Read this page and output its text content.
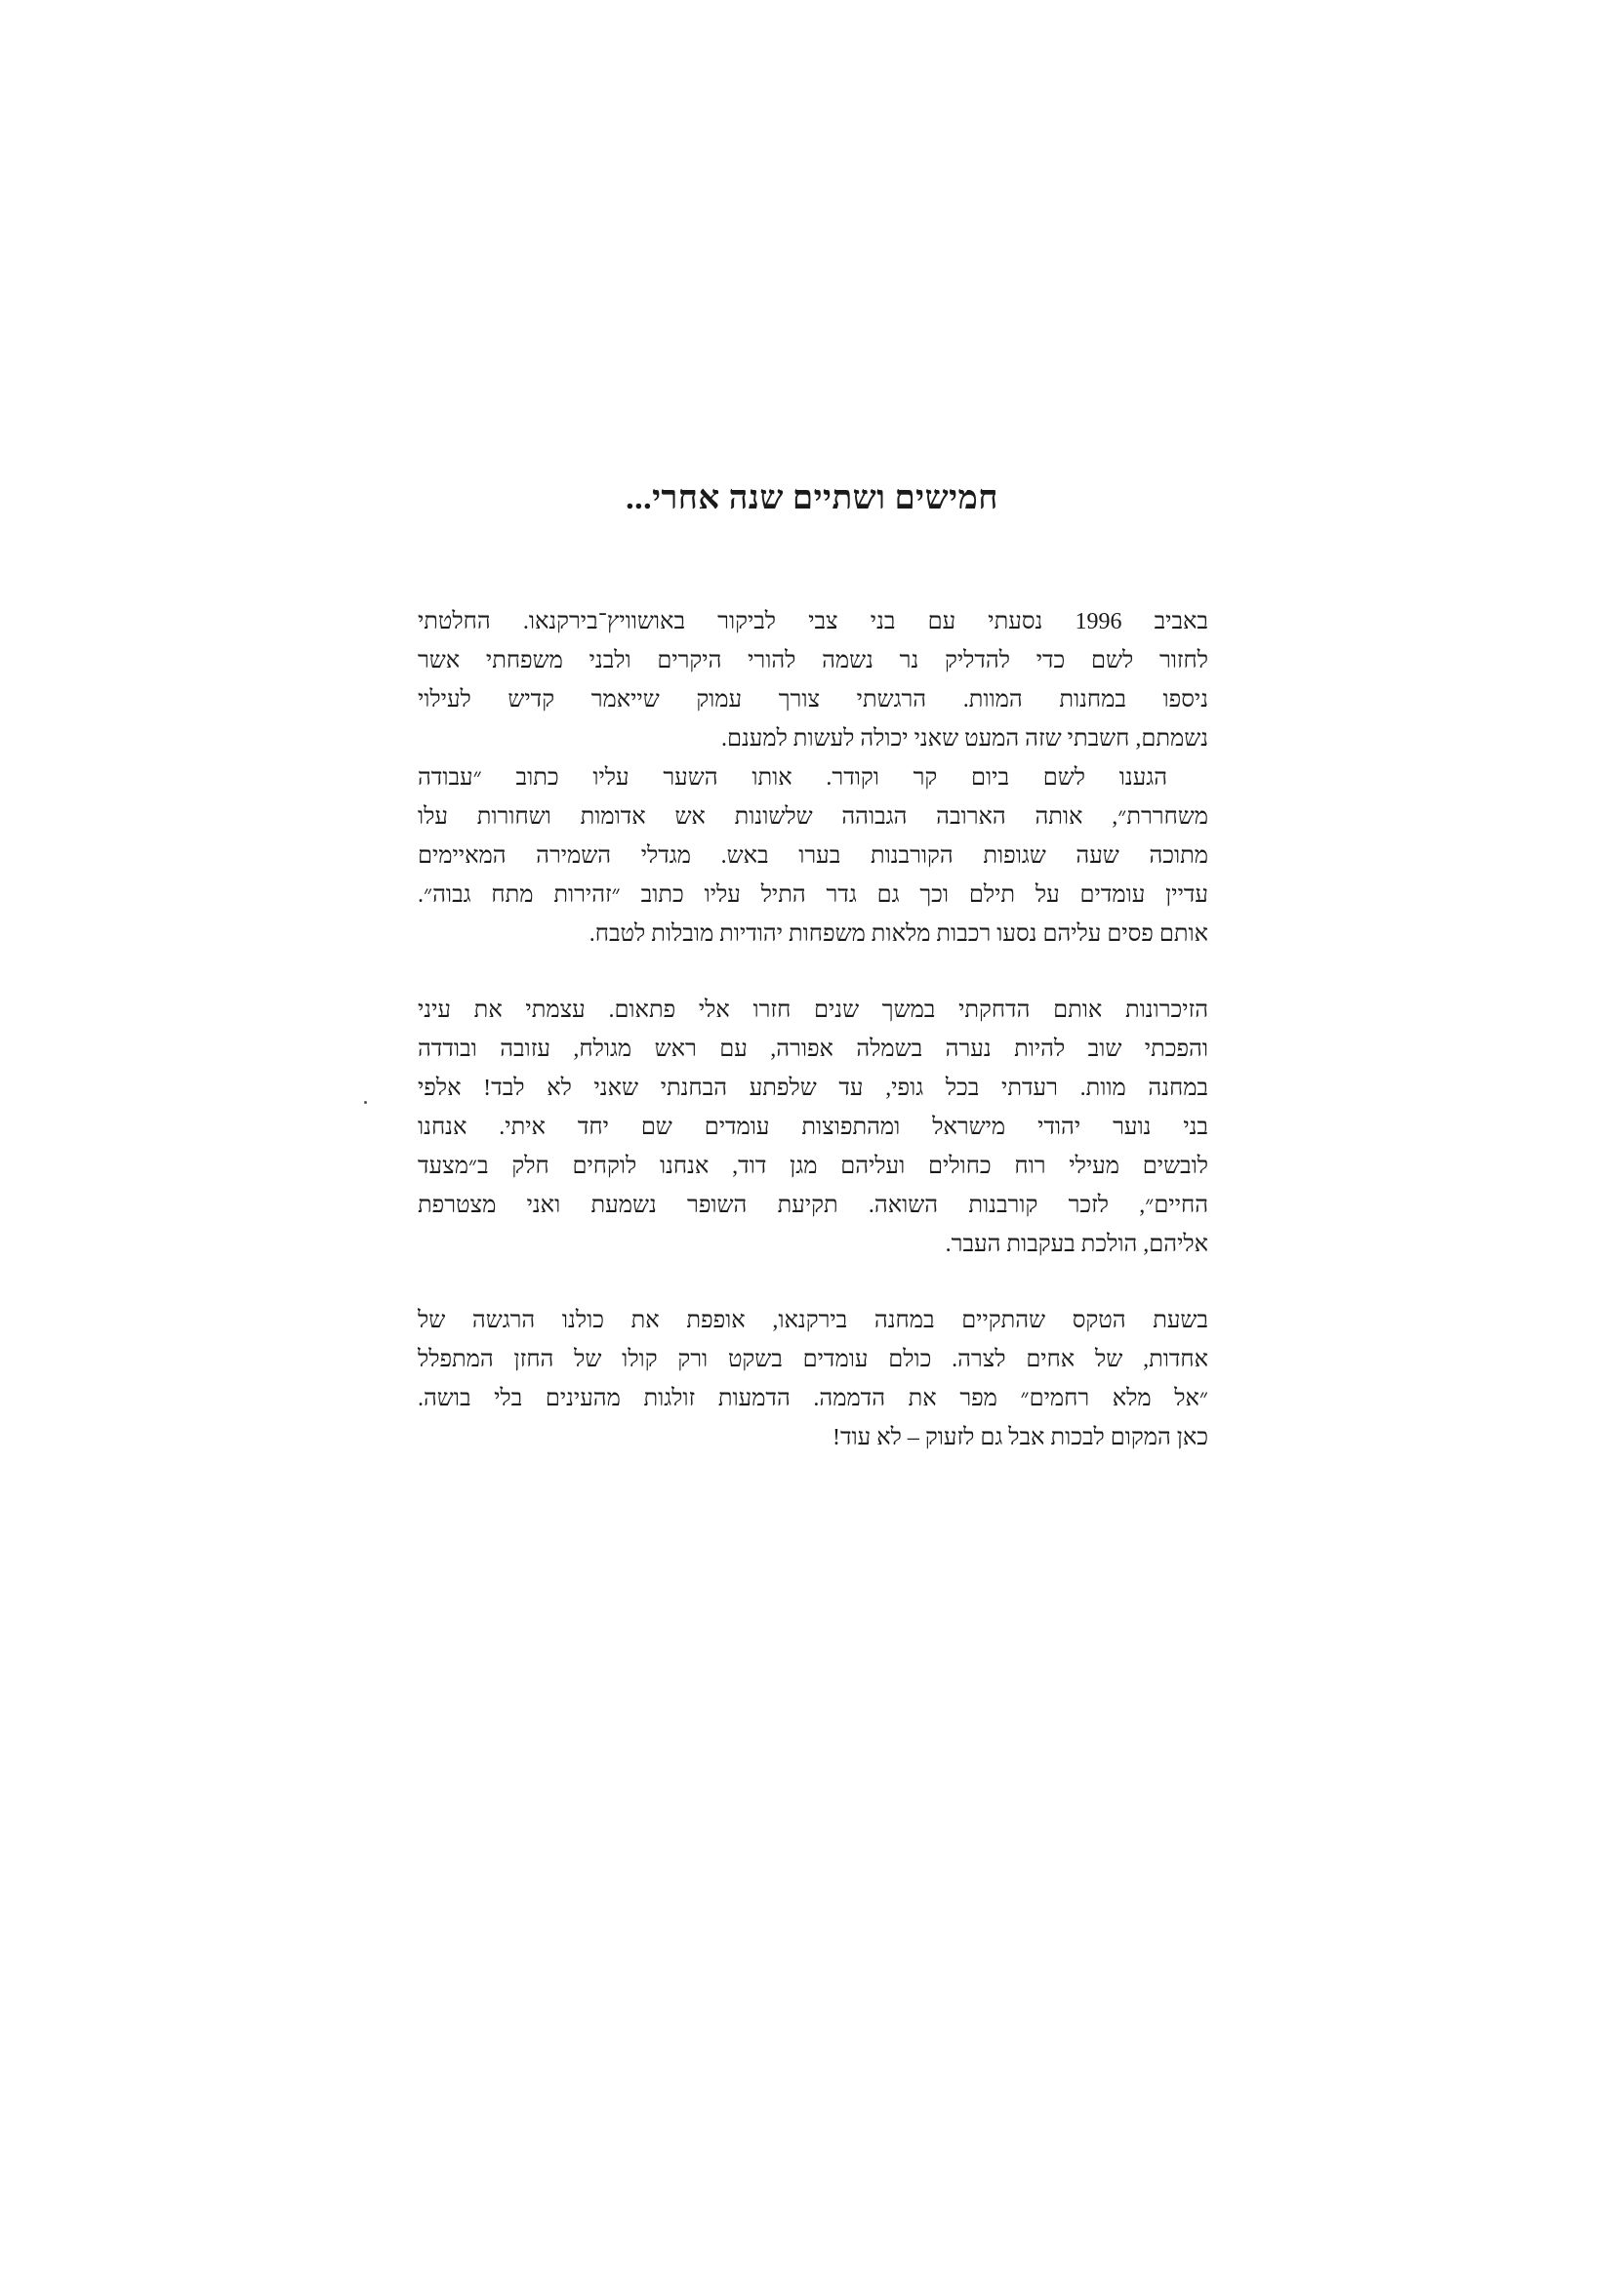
חמישים ושתיים שנה אחרי...
באביב 1996 נסעתי עם בני צבי לביקור באושוויץ־בירקנאו. החלטתי
לחזור לשם כדי להדליק נר נשמה להורי היקרים ולבני משפחתי אשר
ניספו במחנות המוות. הרגשתי צורך עמוק שייאמר קדיש לעילוי
נשמתם, חשבתי שזה המעט שאני יכולה לעשות למענם.
הגענו לשם ביום קר וקודר. אותו השער עליו כתוב ״עבודה
משחררת״, אותה הארובה הגבוהה שלשונות אש אדומות ושחורות עלו
מתוכה שעה שגופות הקורבנות בערו באש. מגדלי השמירה המאיימים
עדיין עומדים על תילם וכך גם גדר התיל עליו כתוב ״זהירות מתח גבוה״.
אותם פסים עליהם נסעו רכבות מלאות משפחות יהודיות מובלות לטבח.
הזיכרונות אותם הדחקתי במשך שנים חזרו אלי פתאום. עצמתי את עיני
והפכתי שוב להיות נערה בשמלה אפורה, עם ראש מגולח, עזובה ובודדה
במחנה מוות. רעדתי בכל גופי, עד שלפתע הבחנתי שאני לא לבד! אלפי
בני נוער יהודי מישראל ומהתפוצות עומדים שם יחד איתי. אנחנו
לובשים מעילי רוח כחולים ועליהם מגן דוד, אנחנו לוקחים חלק ב״מצעד
החיים״, לזכר קורבנות השואה. תקיעת השופר נשמעת ואני מצטרפת
אליהם, הולכת בעקבות העבר.
בשעת הטקס שהתקיים במחנה בירקנאו, אופפת את כולנו הרגשה של
אחדות, של אחים לצרה. כולם עומדים בשקט ורק קולו של החזן המתפלל
״אל מלא רחמים״ מפר את הדממה. הדמעות זולגות מהעינים בלי בושה.
כאן המקום לבכות אבל גם לזעוק – לא עוד!
